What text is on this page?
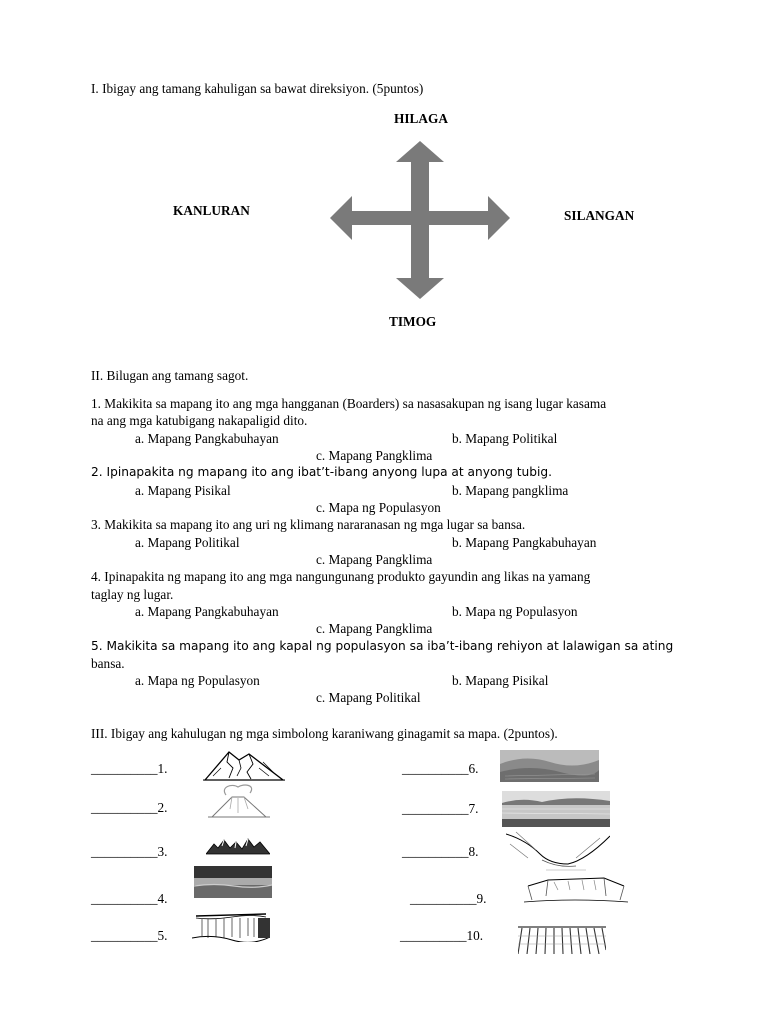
I. Ibigay ang tamang kahuligan sa bawat direksiyon. (5puntos)
HILAGA
KANLURAN	SILANGAN
TIMOG
II. Bilugan ang tamang sagot.
1. Makikita sa mapang ito ang mga hangganan (Boarders) sa nasasakupan ng isang lugar kasama
na ang mga katubigang nakapaligid dito.
a. Mapang Pangkabuhayan	b. Mapang Politikal
c. Mapang Pangklima
2. Ipinapakita ng mapang ito ang ibat’t-ibang anyong lupa at anyong tubig.
a. Mapang Pisikal	b. Mapang pangklima
c. Mapa ng Populasyon
3. Makikita sa mapang ito ang uri ng klimang nararanasan ng mga lugar sa bansa.
a. Mapang Politikal	b. Mapang Pangkabuhayan
c. Mapang Pangklima
4. Ipinapakita ng mapang ito ang mga nangungunang produkto gayundin ang likas na yamang
taglay ng lugar.
a. Mapang Pangkabuhayan	b. Mapa ng Populasyon
c. Mapang Pangklima
5. Makikita sa mapang ito ang kapal ng populasyon sa iba’t-ibang rehiyon at lalawigan sa ating
bansa.
a. Mapa ng Populasyon	b. Mapang Pisikal
c. Mapang Politikal
III. Ibigay ang kahulugan ng mga simbolong karaniwang ginagamit sa mapa. (2puntos).
__________1.
__________2.
__________3.
__________4.
__________5.
__________6.
__________7.
__________8.
__________9.
__________10.
